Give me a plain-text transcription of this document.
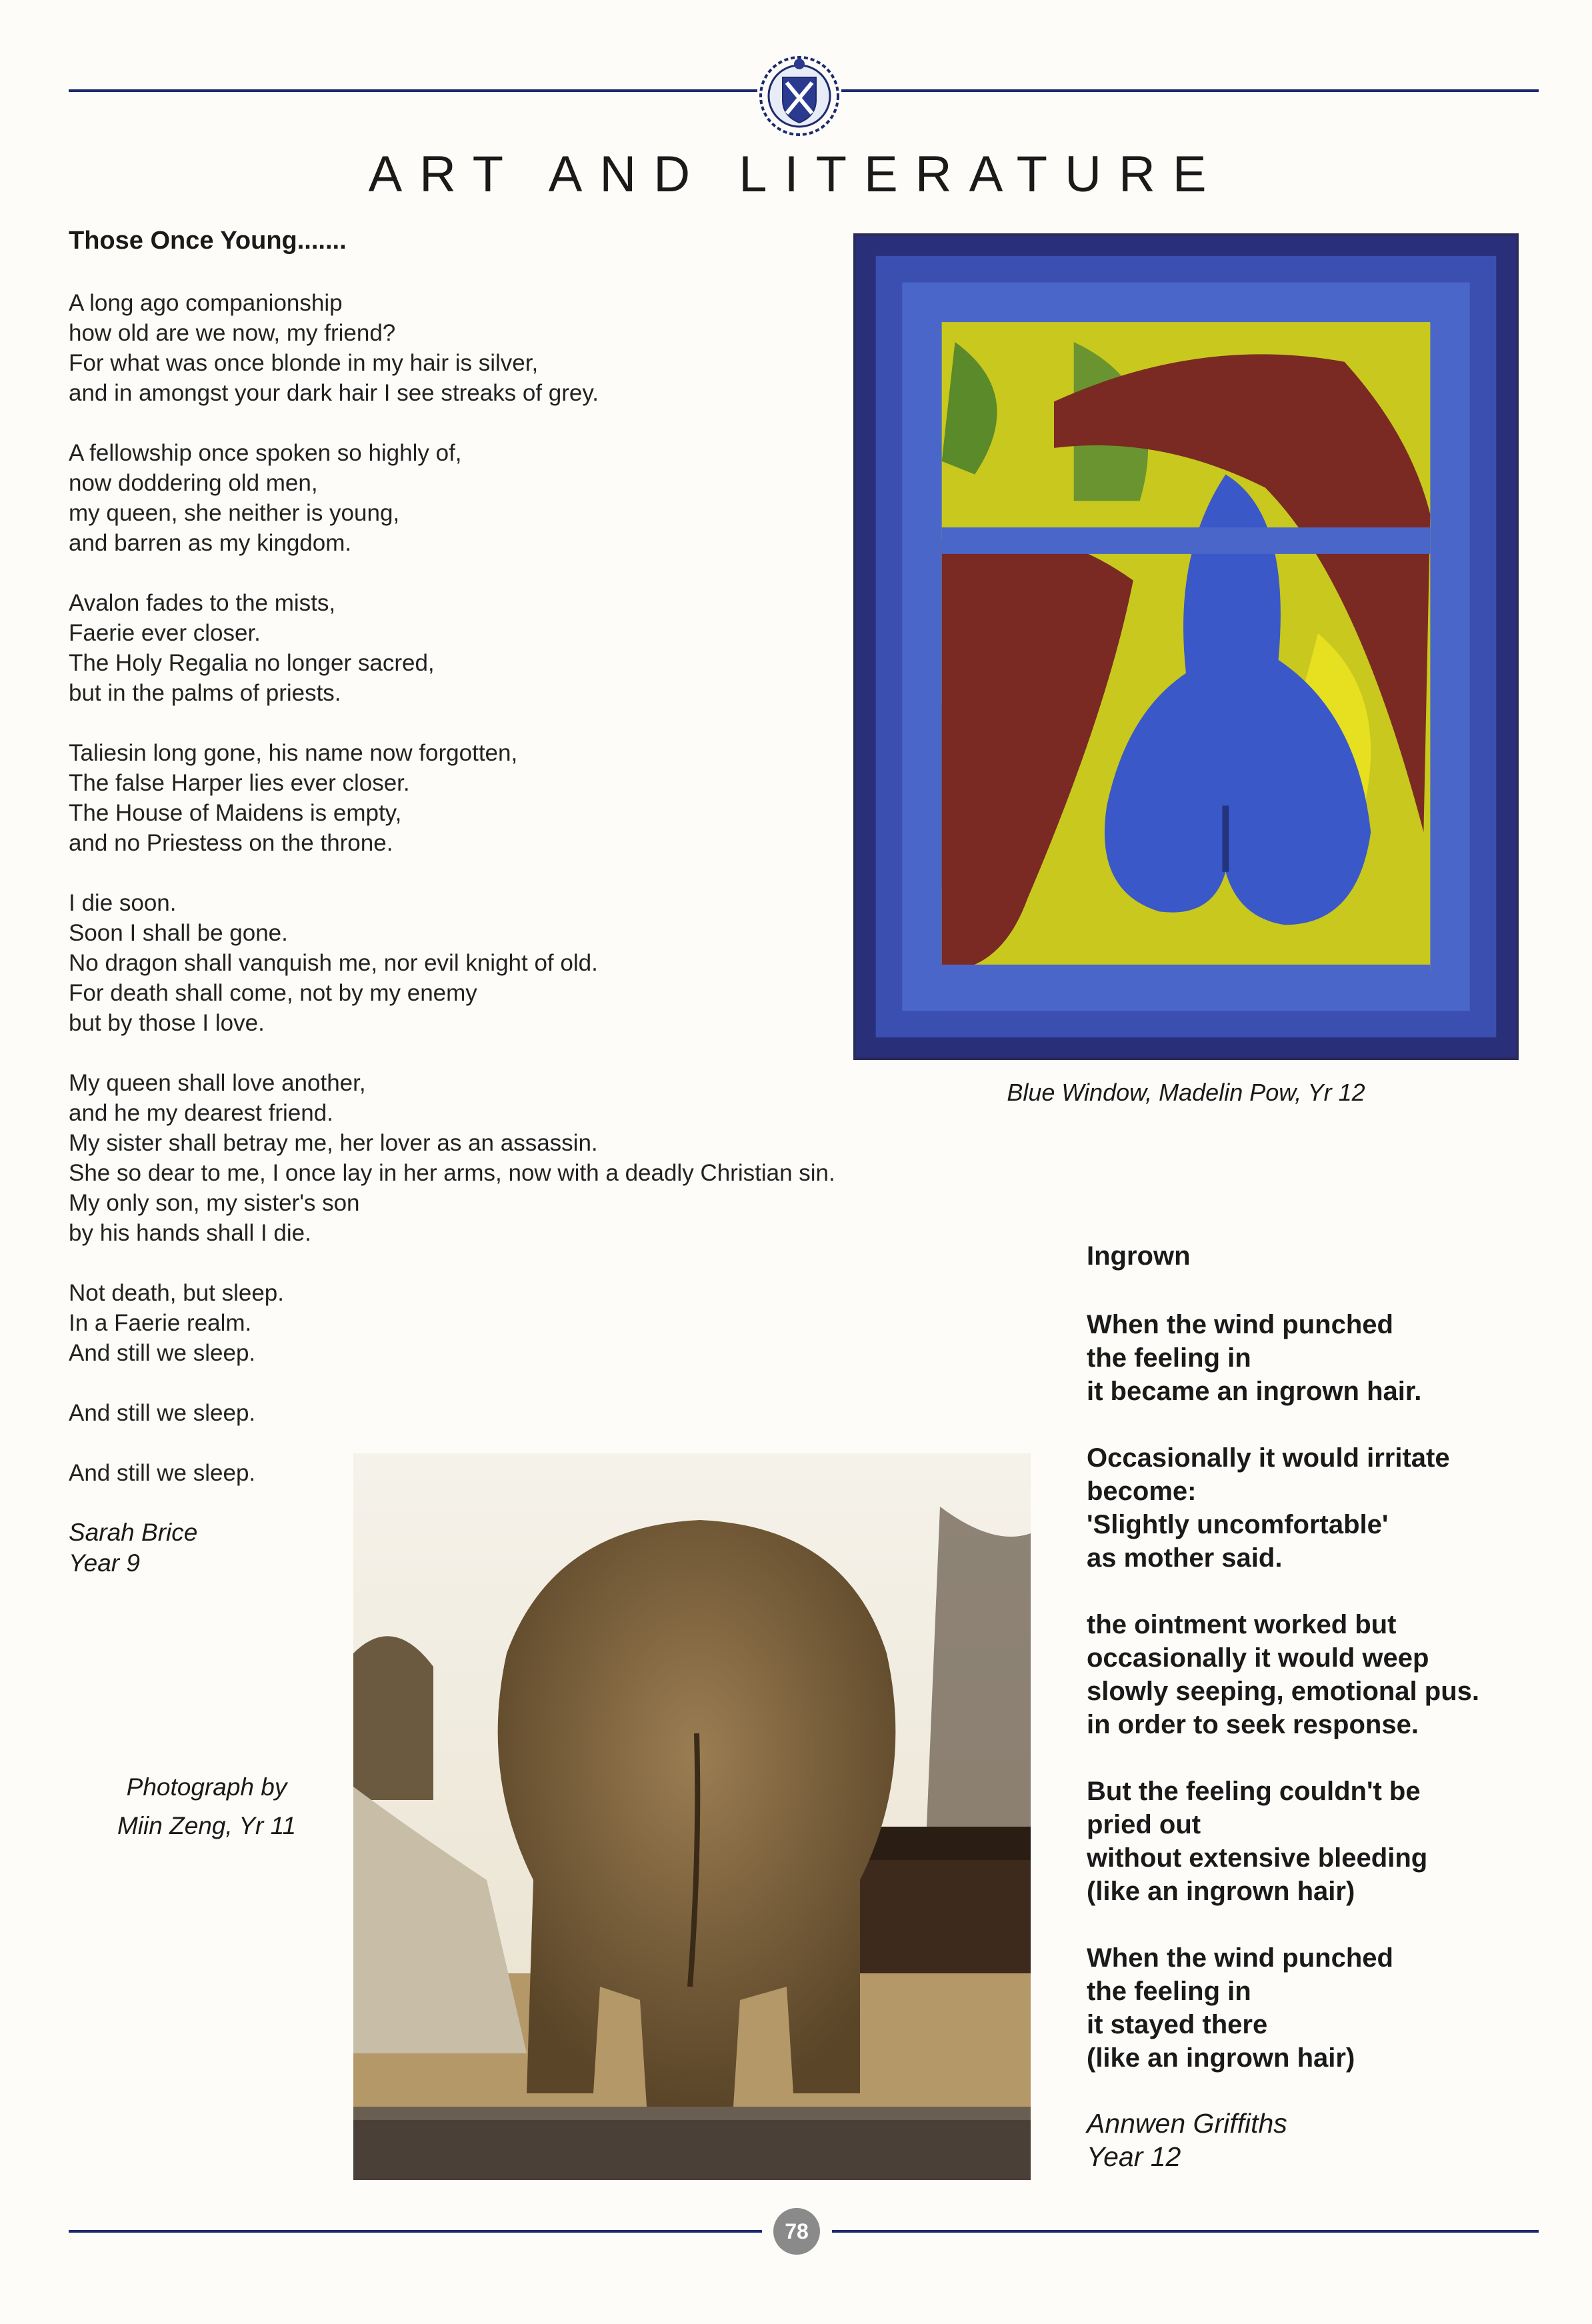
ART AND LITERATURE
Those Once Young.......
A long ago companionship
how old are we now, my friend?
For what was once blonde in my hair is silver,
and in amongst your dark hair I see streaks of grey.
A fellowship once spoken so highly of,
now doddering old men,
my queen, she neither is young,
and barren as my kingdom.
Avalon fades to the mists,
Faerie ever closer.
The Holy Regalia no longer sacred,
but in the palms of priests.
Taliesin long gone, his name now forgotten,
The false Harper lies ever closer.
The House of Maidens is empty,
and no Priestess on the throne.
I die soon.
Soon I shall be gone.
No dragon shall vanquish me, nor evil knight of old.
For death shall come, not by my enemy
but by those I love.
My queen shall love another,
and he my dearest friend.
My sister shall betray me, her lover as an assassin.
She so dear to me, I once lay in her arms, now with a deadly Christian sin.
My only son, my sister's son
by his hands shall I die.
Not death, but sleep.
In a Faerie realm.
And still we sleep.
And still we sleep.
And still we sleep.
Sarah Brice
Year 9
Blue Window, Madelin Pow, Yr 12
Photograph by
Miin Zeng, Yr 11
Ingrown
When the wind punched
the feeling in
it became an ingrown hair.
Occasionally it would irritate
become:
'Slightly uncomfortable'
as mother said.
the ointment worked but
occasionally it would weep
slowly seeping, emotional pus.
in order to seek response.
But the feeling couldn't be
pried out
without extensive bleeding
(like an ingrown hair)
When the wind punched
the feeling in
it stayed there
(like an ingrown hair)
Annwen Griffiths
Year 12
78
